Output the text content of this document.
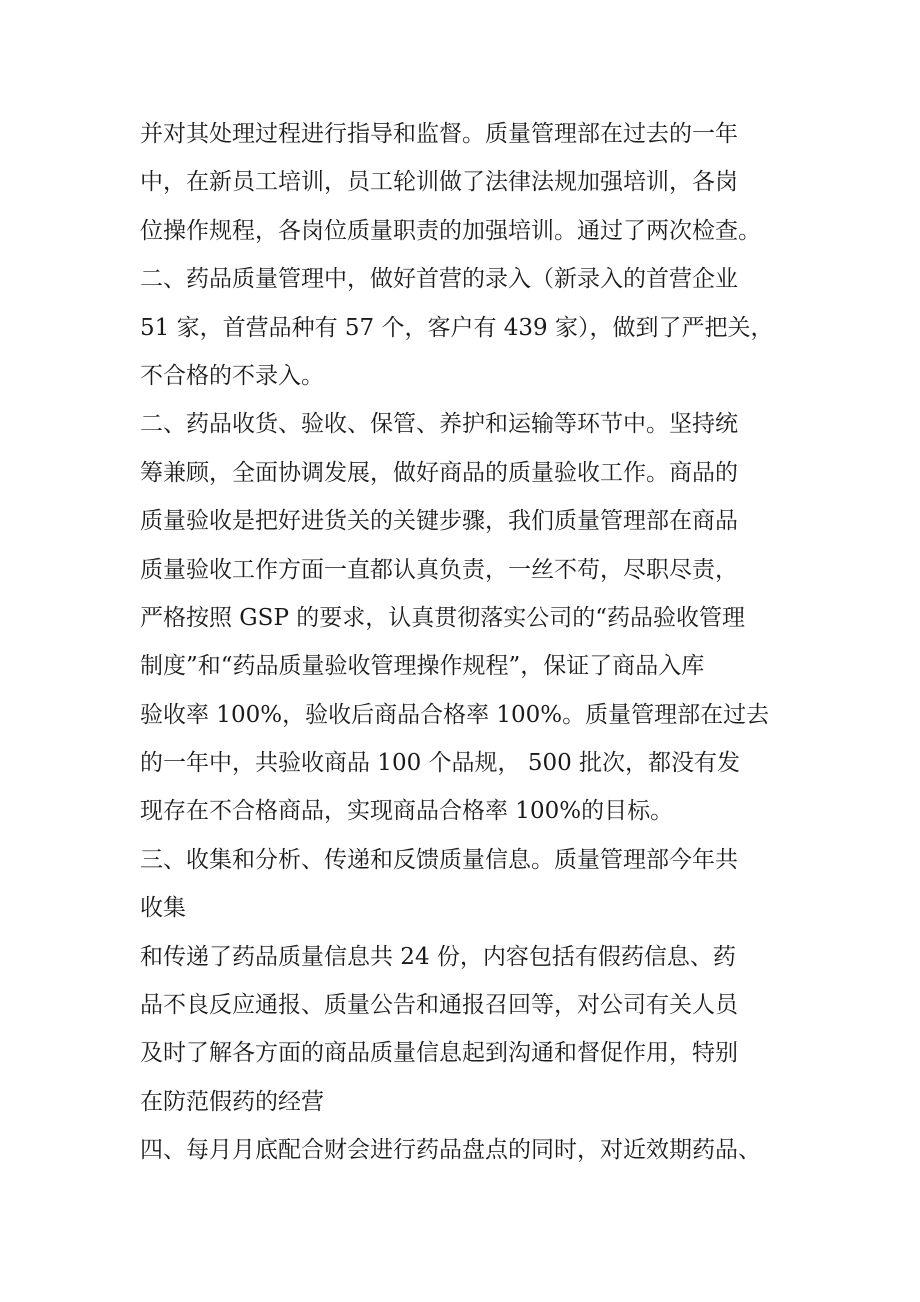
并对其处理过程进行指导和监督。质量管理部在过去的一年
中，在新员工培训，员工轮训做了法律法规加强培训，各岗
位操作规程，各岗位质量职责的加强培训。通过了两次检查。
二、药品质量管理中，做好首营的录入（新录入的首营企业
51 家，首营品种有 57 个，客户有 439 家），做到了严把关，
不合格的不录入。
二、药品收货、验收、保管、养护和运输等环节中。坚持统
筹兼顾，全面协调发展，做好商品的质量验收工作。商品的
质量验收是把好进货关的关键步骤，我们质量管理部在商品
质量验收工作方面一直都认真负责，一丝不苟，尽职尽责，
严格按照 GSP 的要求，认真贯彻落实公司的“药品验收管理
制度”和“药品质量验收管理操作规程”，保证了商品入库
验收率 100%，验收后商品合格率 100%。质量管理部在过去
的一年中，共验收商品 100 个品规， 500 批次，都没有发
现存在不合格商品，实现商品合格率 100%的目标。
三、收集和分析、传递和反馈质量信息。质量管理部今年共
收集
和传递了药品质量信息共 24 份，内容包括有假药信息、药
品不良反应通报、质量公告和通报召回等，对公司有关人员
及时了解各方面的商品质量信息起到沟通和督促作用，特别
在防范假药的经营
四、每月月底配合财会进行药品盘点的同时，对近效期药品、
